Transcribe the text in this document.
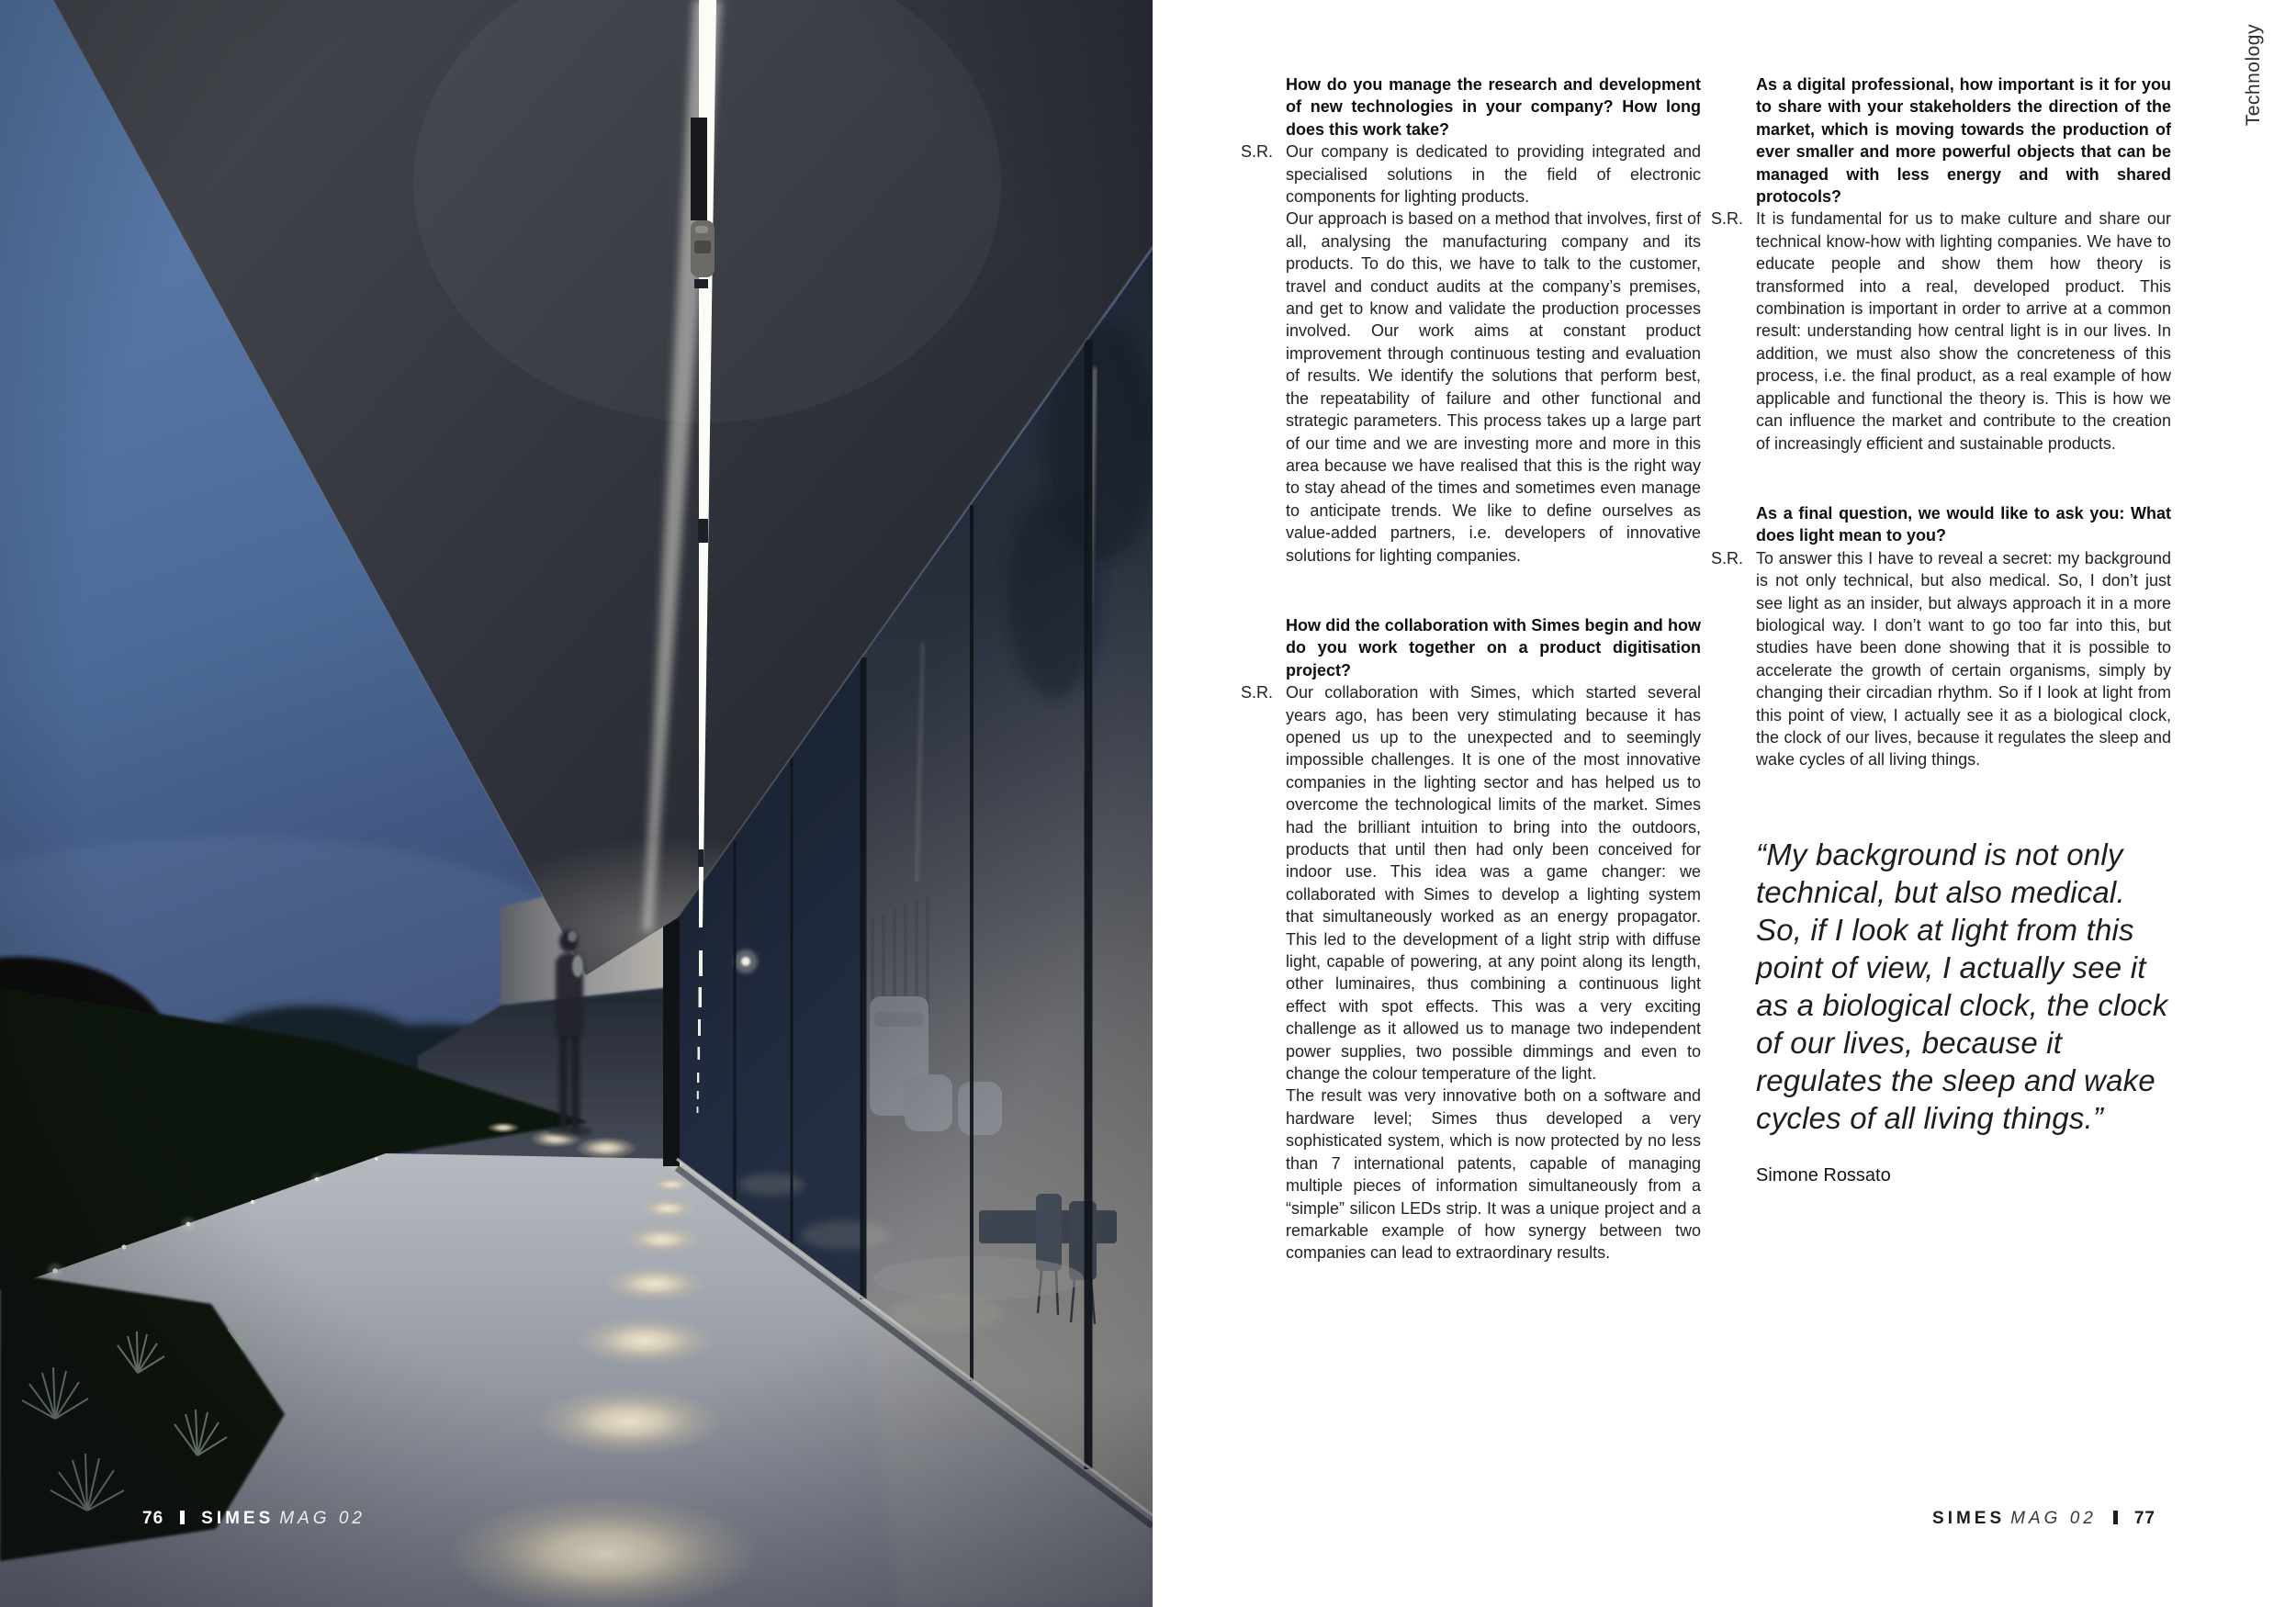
76 SIMES MAG 02
How do you manage the research and development of new technologies in your company? How long does this work take?
S.R. Our company is dedicated to providing integrated and specialised solutions in the field of electronic components for lighting products.

Our approach is based on a method that involves, first of all, analysing the manufacturing company and its products. To do this, we have to talk to the customer, travel and conduct audits at the company’s premises, and get to know and validate the production processes involved. Our work aims at constant product improvement through continuous testing and evaluation of results. We identify the solutions that perform best, the repeatability of failure and other functional and strategic parameters. This process takes up a large part of our time and we are investing more and more in this area because we have realised that this is the right way to stay ahead of the times and sometimes even manage to anticipate trends. We like to define ourselves as value-added partners, i.e. developers of innovative solutions for lighting companies.

How did the collaboration with Simes begin and how do you work together on a product digitisation project?
S.R. Our collaboration with Simes, which started several years ago, has been very stimulating because it has opened us up to the unexpected and to seemingly impossible challenges. It is one of the most innovative companies in the lighting sector and has helped us to overcome the technological limits of the market. Simes had the brilliant intuition to bring into the outdoors, products that until then had only been conceived for indoor use. This idea was a game changer: we collaborated with Simes to develop a lighting system that simultaneously worked as an energy propagator. This led to the development of a light strip with diffuse light, capable of powering, at any point along its length, other luminaires, thus combining a continuous light effect with spot effects. This was a very exciting challenge as it allowed us to manage two independent power supplies, two possible dimmings and even to change the colour temperature of the light.

The result was very innovative both on a software and hardware level; Simes thus developed a very sophisticated system, which is now protected by no less than 7 international patents, capable of managing multiple pieces of information simultaneously from a “simple” silicon LEDs strip. It was a unique project and a remarkable example of how synergy between two companies can lead to extraordinary results.

As a digital professional, how important is it for you to share with your stakeholders the direction of the market, which is moving towards the production of ever smaller and more powerful objects that can be managed with less energy and with shared protocols?
S.R. It is fundamental for us to make culture and share our technical know-how with lighting companies. We have to educate people and show them how theory is transformed into a real, developed product. This combination is important in order to arrive at a common result: understanding how central light is in our lives. In addition, we must also show the concreteness of this process, i.e. the final product, as a real example of how applicable and functional the theory is. This is how we can influence the market and contribute to the creation of increasingly efficient and sustainable products.

As a final question, we would like to ask you: What does light mean to you?
S.R. To answer this I have to reveal a secret: my background is not only technical, but also medical. So, I don’t just see light as an insider, but always approach it in a more biological way. I don’t want to go too far into this, but studies have been done showing that it is possible to accelerate the growth of certain organisms, simply by changing their circadian rhythm. So if I look at light from this point of view, I actually see it as a biological clock, the clock of our lives, because it regulates the sleep and wake cycles of all living things.

“My background is not only technical, but also medical. So, if I look at light from this point of view, I actually see it as a biological clock, the clock of our lives, because it regulates the sleep and wake cycles of all living things.”
Simone Rossato
SIMES MAG 02 77
Technology
